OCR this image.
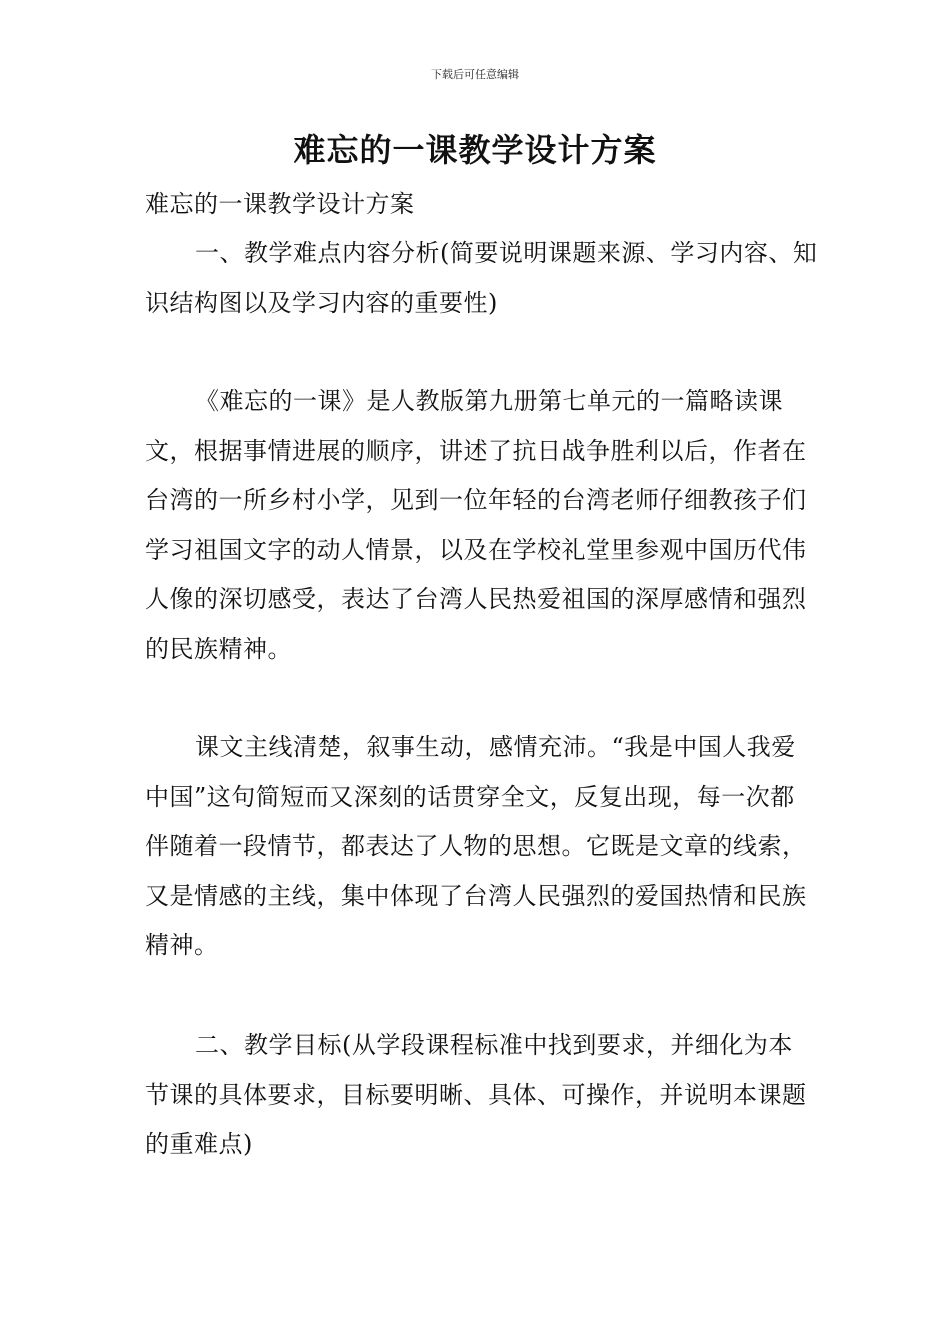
下载后可任意编辑
难忘的一课教学设计方案
难忘的一课教学设计方案
一、教学难点内容分析(简要说明课题来源、学习内容、知识结构图以及学习内容的重要性)
《难忘的一课》是人教版第九册第七单元的一篇略读课文，根据事情进展的顺序，讲述了抗日战争胜利以后，作者在台湾的一所乡村小学，见到一位年轻的台湾老师仔细教孩子们学习祖国文字的动人情景，以及在学校礼堂里参观中国历代伟人像的深切感受，表达了台湾人民热爱祖国的深厚感情和强烈的民族精神。
课文主线清楚，叙事生动，感情充沛。“我是中国人我爱中国”这句简短而又深刻的话贯穿全文，反复出现，每一次都伴随着一段情节，都表达了人物的思想。它既是文章的线索，又是情感的主线，集中体现了台湾人民强烈的爱国热情和民族精神。
二、教学目标(从学段课程标准中找到要求，并细化为本节课的具体要求，目标要明晰、具体、可操作，并说明本课题的重难点)
